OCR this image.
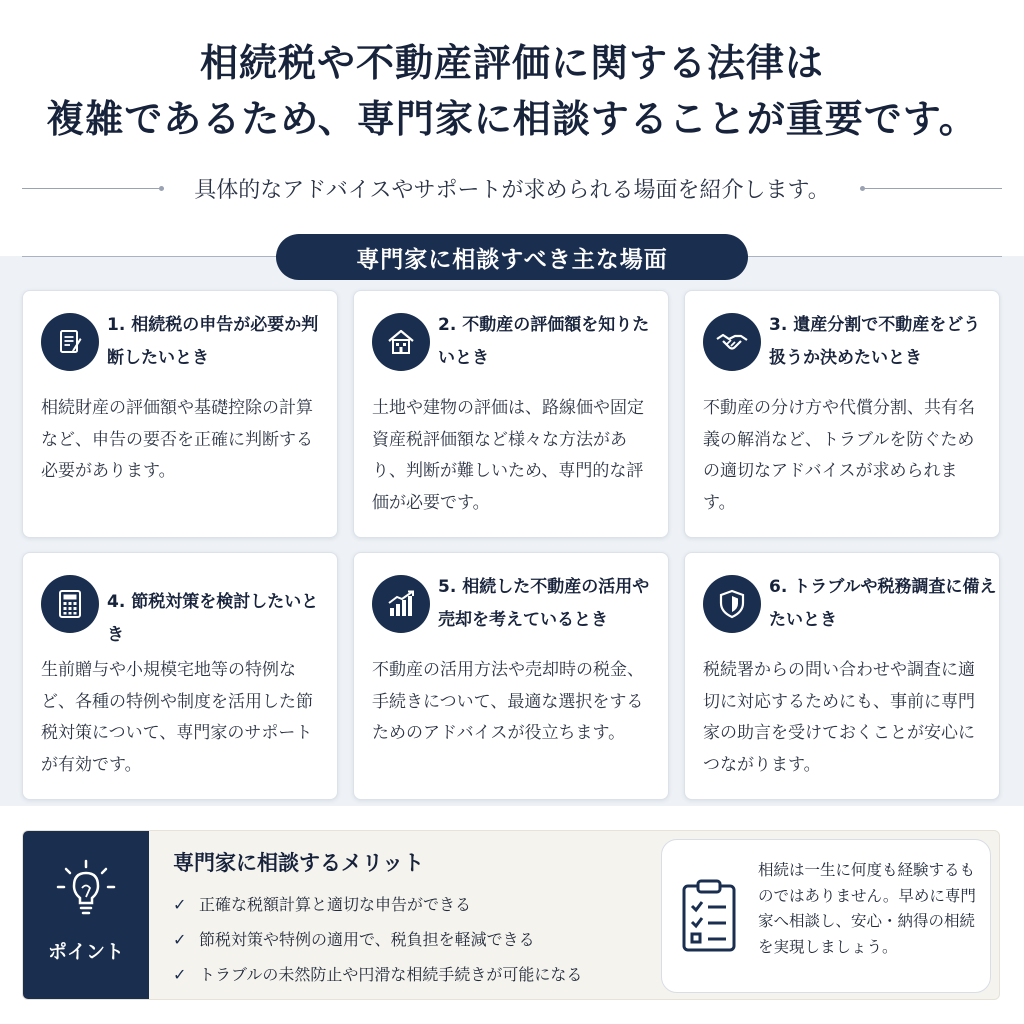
相続税や不動産評価に関する法律は
複雑であるため、専門家に相談することが重要です。
具体的なアドバイスやサポートが求められる場面を紹介します。
専門家に相談すべき主な場面
1. 相続税の申告が必要か判断したいとき
相続財産の評価額や基礎控除の計算など、申告の要否を正確に判断する必要があります。
2. 不動産の評価額を知りたいとき
土地や建物の評価は、路線価や固定資産税評価額など様々な方法があり、判断が難しいため、専門的な評価が必要です。
3. 遺産分割で不動産をどう扱うか決めたいとき
不動産の分け方や代償分割、共有名義の解消など、トラブルを防ぐための適切なアドバイスが求められます。
4. 節税対策を検討したいとき
生前贈与や小規模宅地等の特例など、各種の特例や制度を活用した節税対策について、専門家のサポートが有効です。
5. 相続した不動産の活用や売却を考えているとき
不動産の活用方法や売却時の税金、手続きについて、最適な選択をするためのアドバイスが役立ちます。
6. トラブルや税務調査に備えたいとき
税続署からの問い合わせや調査に適切に対応するためにも、事前に専門家の助言を受けておくことが安心につながります。
ポイント
専門家に相談するメリット
✓ 正確な税額計算と適切な申告ができる
✓ 節税対策や特例の適用で、税負担を軽減できる
✓ トラブルの未然防止や円滑な相続手続きが可能になる
相続は一生に何度も経験するものではありません。早めに専門家へ相談し、安心・納得の相続を実現しましょう。
